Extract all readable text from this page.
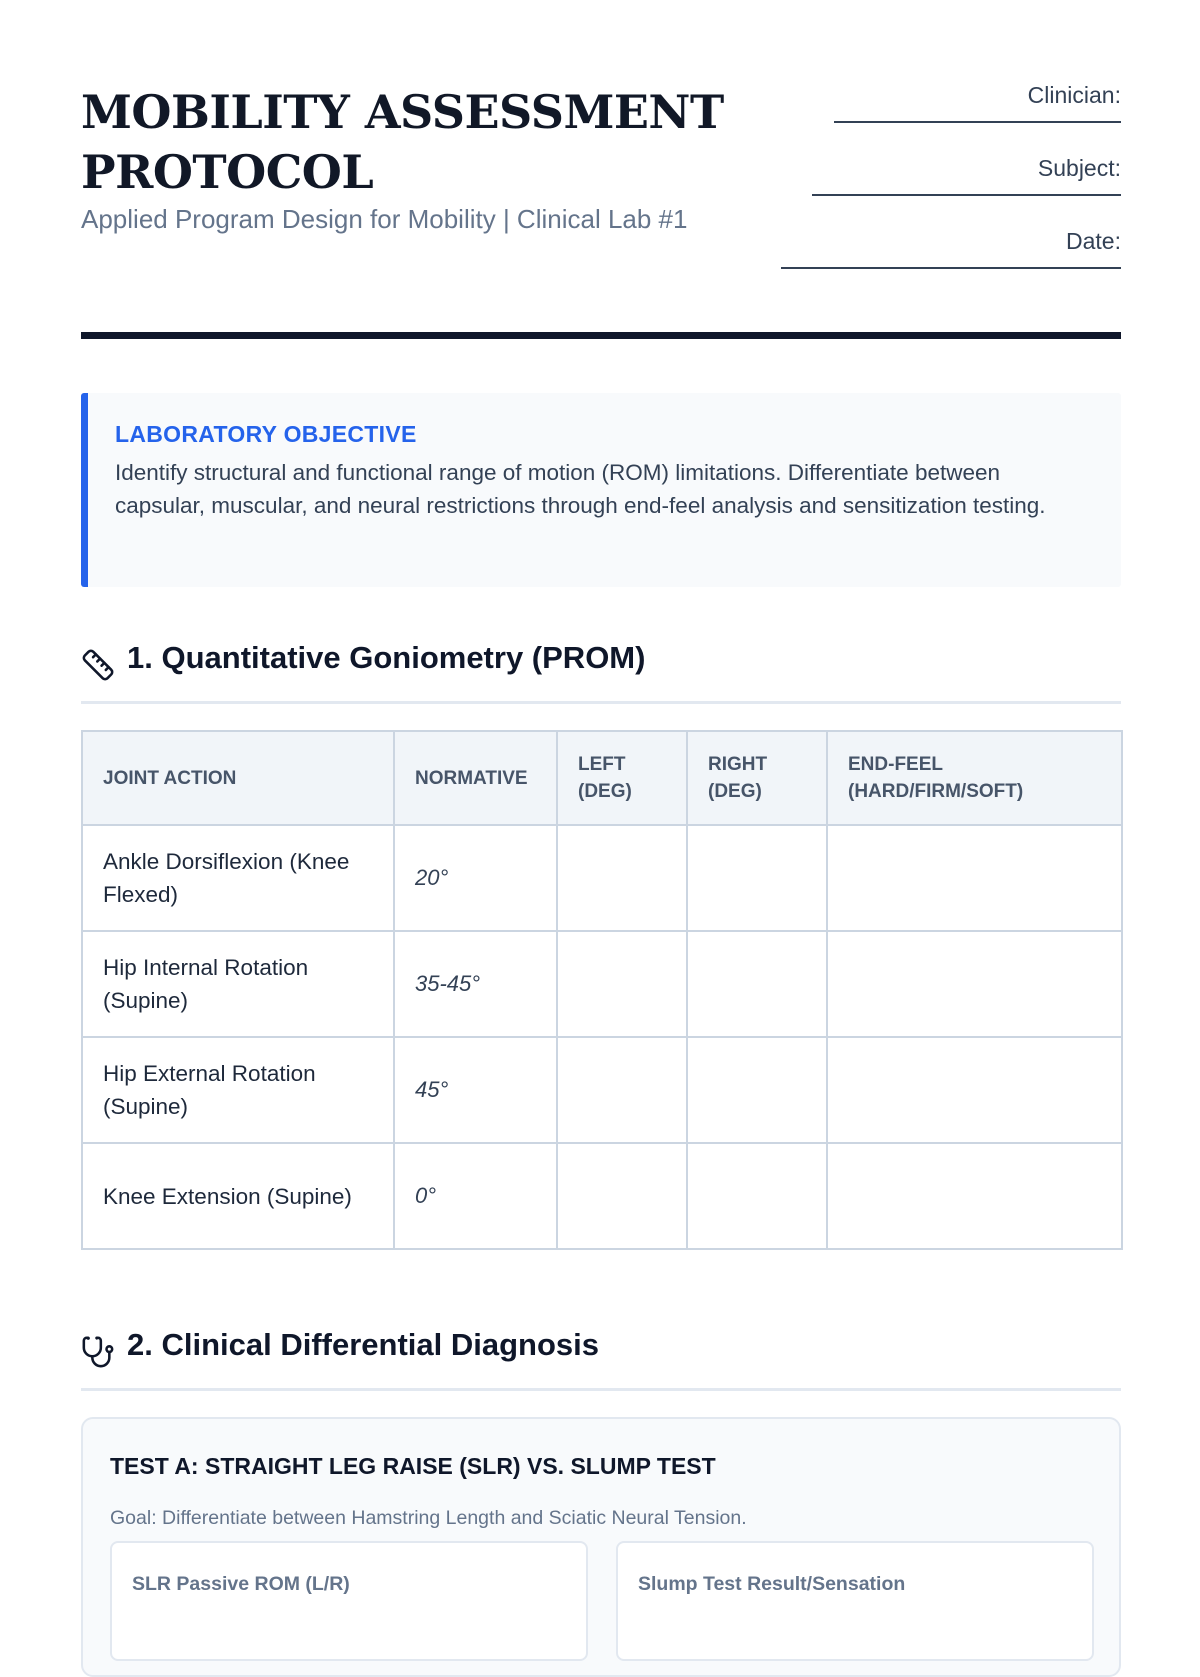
MOBILITY ASSESSMENT PROTOCOL
Applied Program Design for Mobility | Clinical Lab #1
Clinician:
Subject:
Date:

LABORATORY OBJECTIVE

Identify structural and functional range of motion (ROM) limitations. Differentiate between capsular, muscular, and neural restrictions through end-feel analysis and sensitization testing.

1. Quantitative Goniometry (PROM)
JOINT ACTION	NORMATIVE	LEFT (DEG)	RIGHT (DEG)	END-FEEL (HARD/FIRM/SOFT)
Ankle Dorsiflexion (Knee Flexed)	20°			
Hip Internal Rotation (Supine)	35-45°			
Hip External Rotation (Supine)	45°			
Knee Extension (Supine)	0°			
2. Clinical Differential Diagnosis

TEST A: STRAIGHT LEG RAISE (SLR) VS. SLUMP TEST

Goal: Differentiate between Hamstring Length and Sciatic Neural Tension.

SLR Passive ROM (L/R)	Slump Test Result/Sensation
